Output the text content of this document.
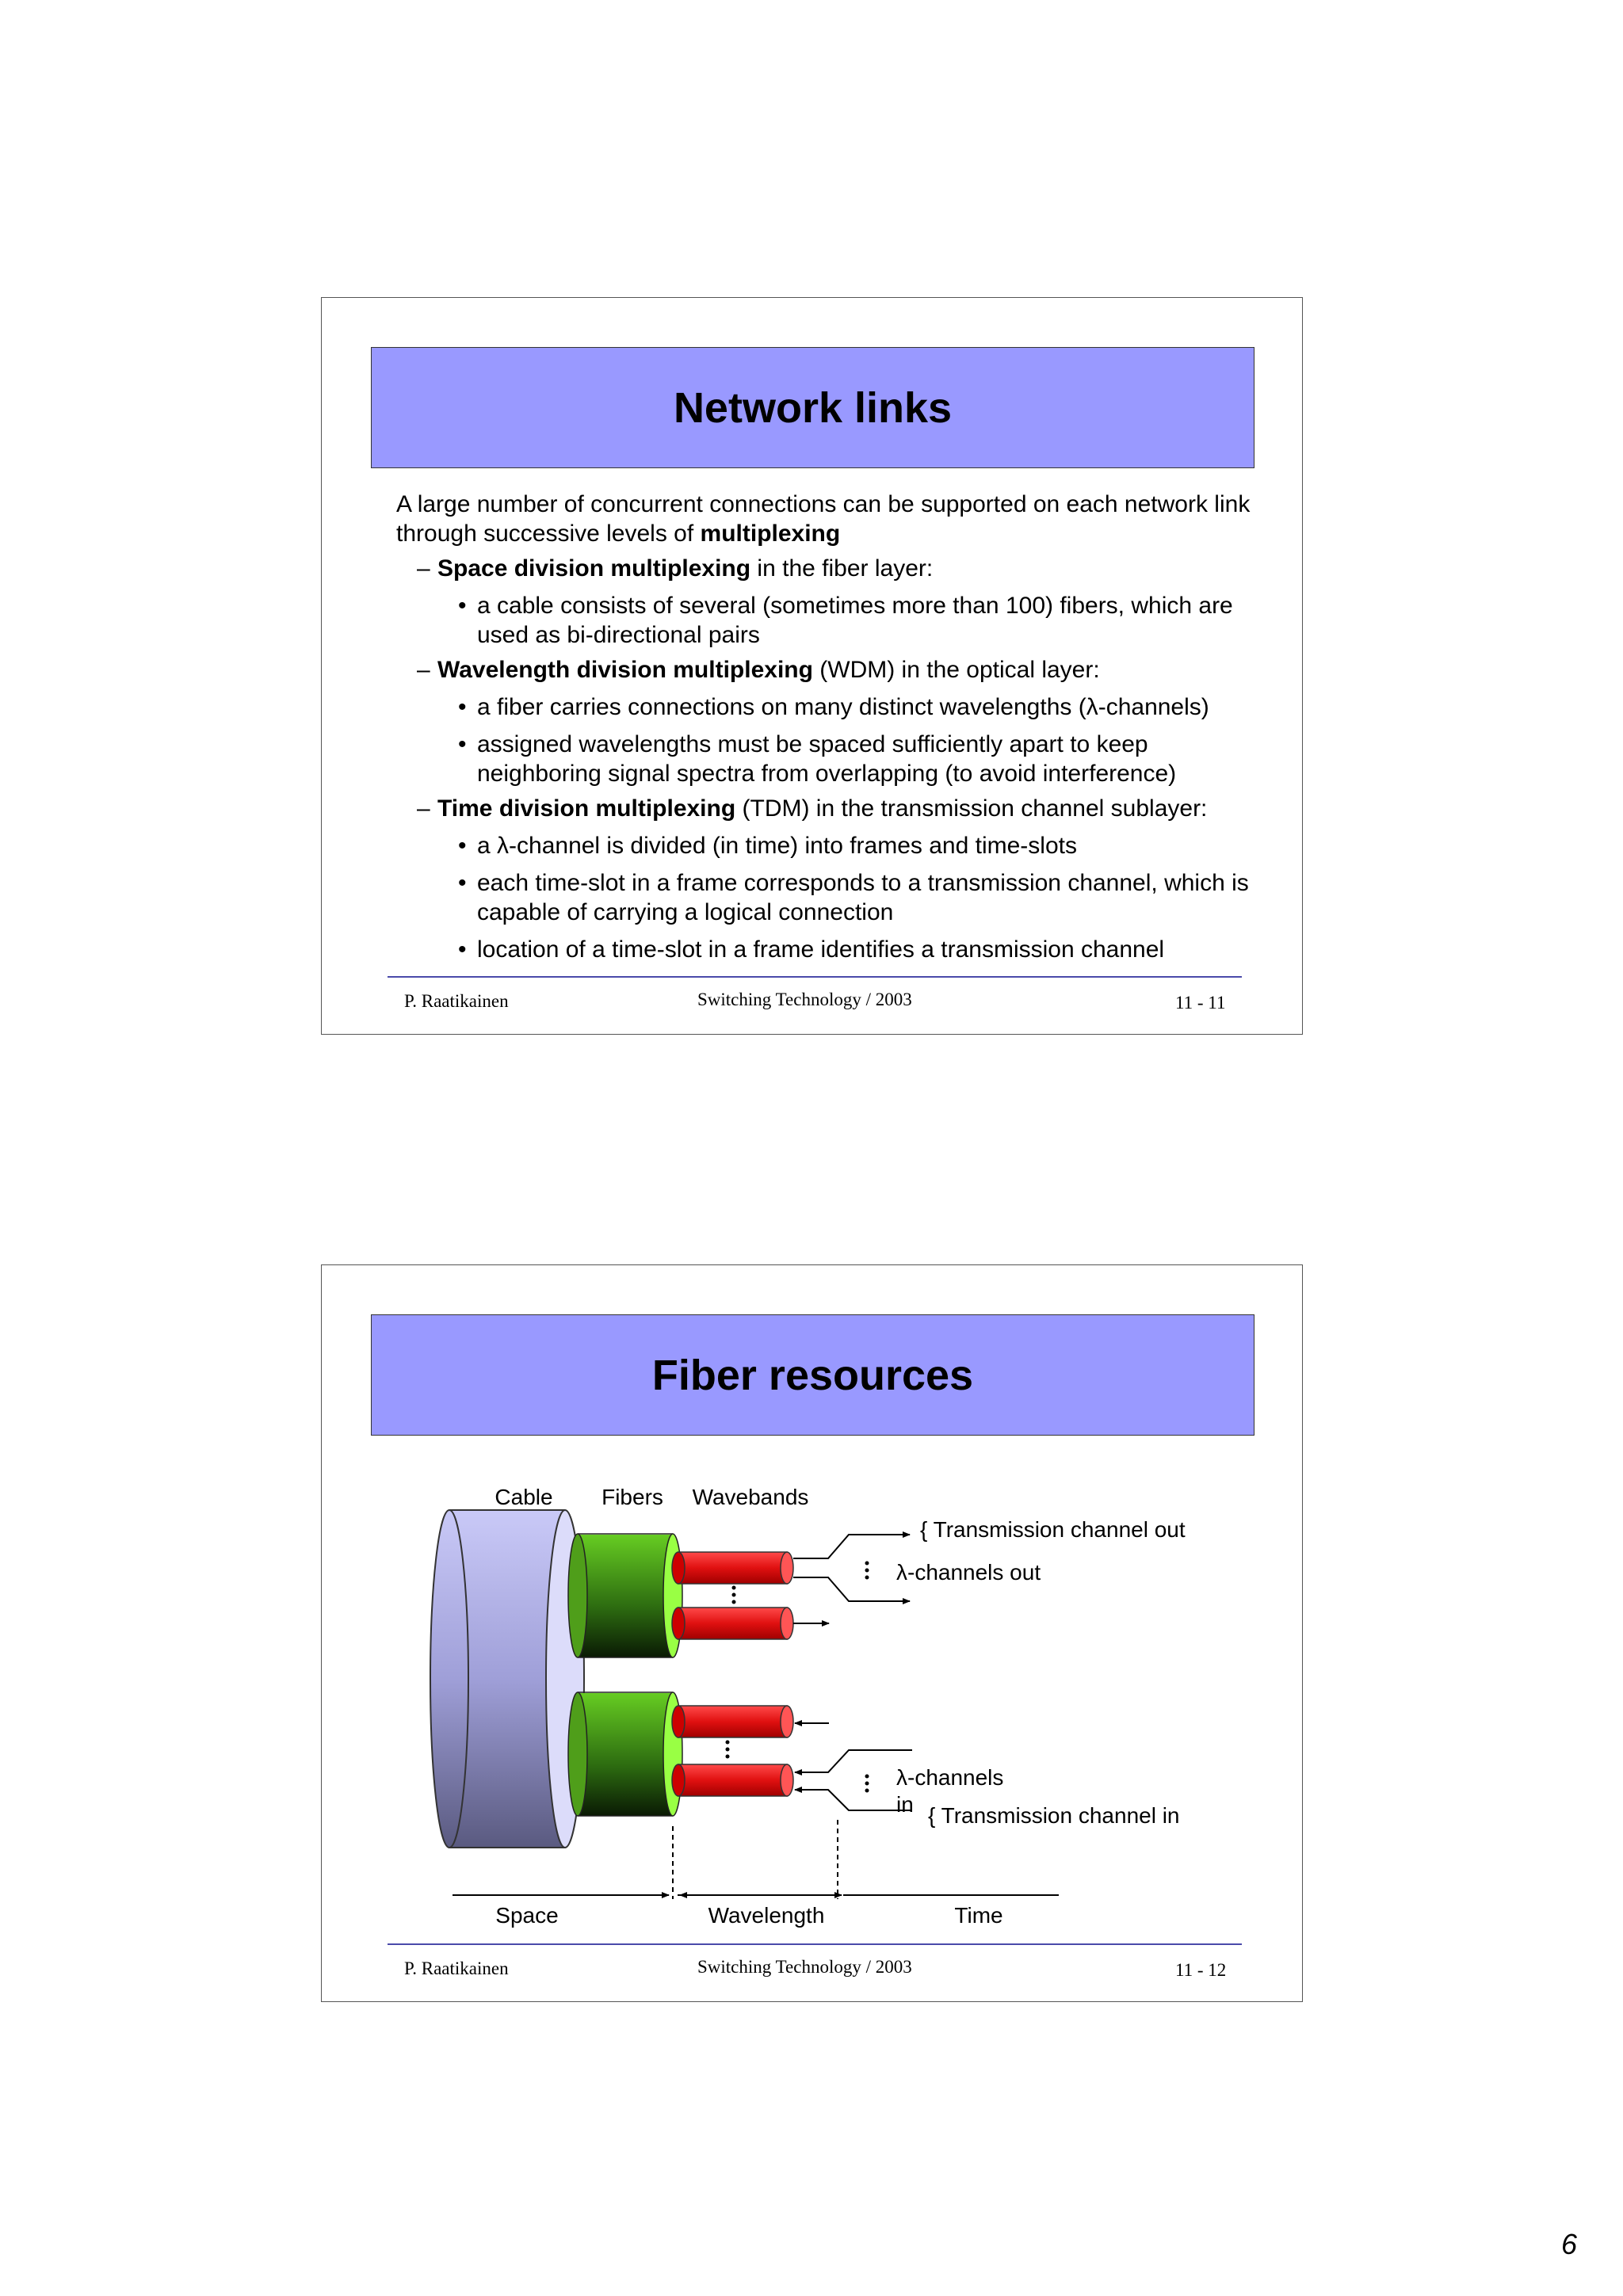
Network links

A large number of concurrent connections can be supported on each network link through successive levels of multiplexing

– Space division multiplexing in the fiber layer:
• a cable consists of several (sometimes more than 100) fibers, which are used as bi-directional pairs
– Wavelength division multiplexing (WDM) in the optical layer:
• a fiber carries connections on many distinct wavelengths (λ-channels)
• assigned wavelengths must be spaced sufficiently apart to keep neighboring signal spectra from overlapping (to avoid interference)
– Time division multiplexing (TDM) in the transmission channel sublayer:
• a λ-channel is divided (in time) into frames and time-slots
• each time-slot in a frame corresponds to a transmission channel, which is capable of carrying a logical connection
• location of a time-slot in a frame identifies a transmission channel
P. Raatikainen	Switching Technology / 2003	11 - 11
Fiber resources
Cable Fibers Wavebands
{ Transmission channel out
λ-channels out
λ-channels
in { Transmission channel in
Space	Wavelength	Time
P. Raatikainen	Switching Technology / 2003	11 - 12
6
